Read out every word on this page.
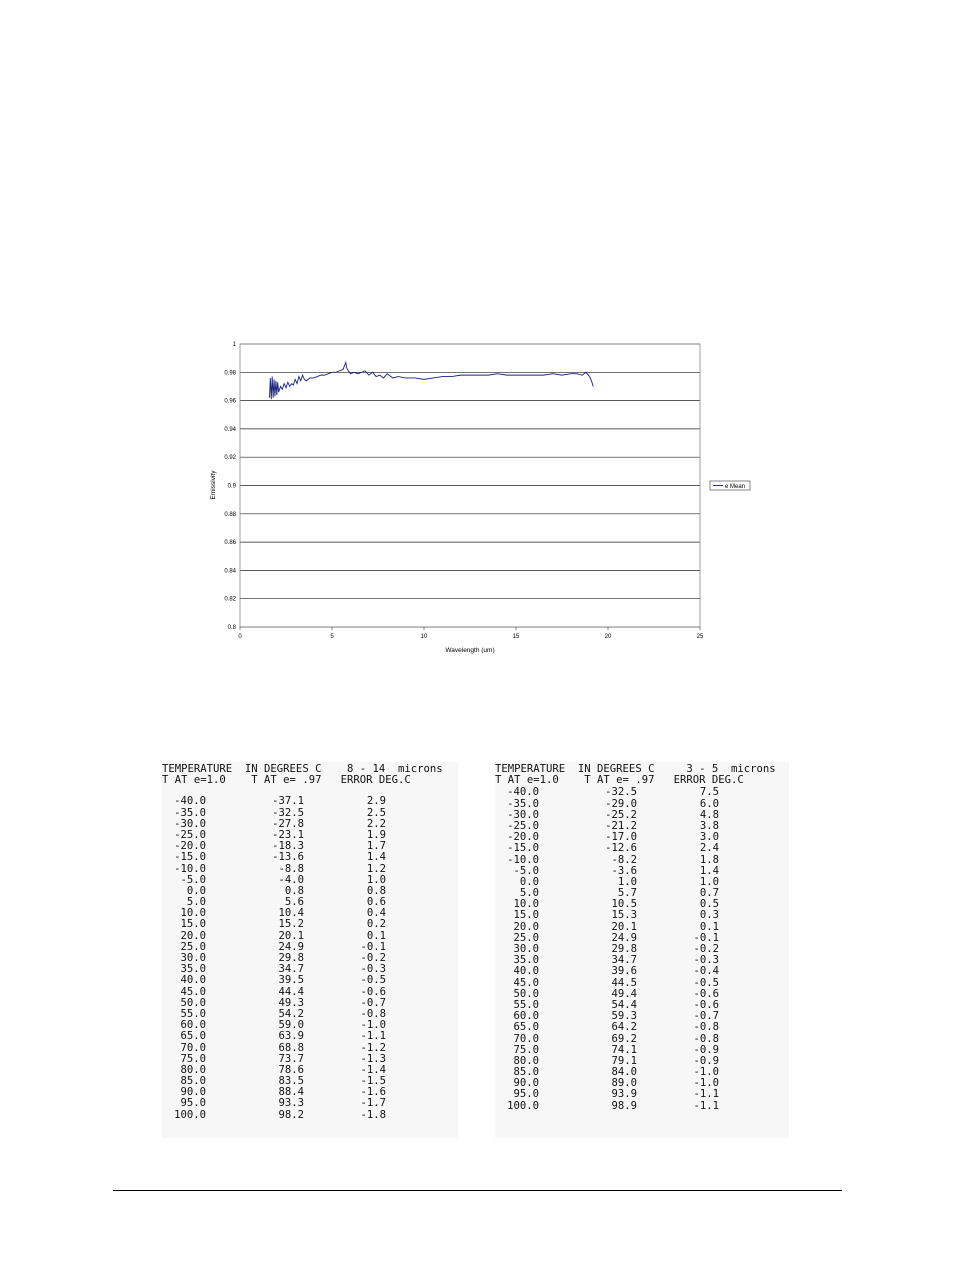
0.8
0.82
0.84
0.86
0.88
0.9
0.92
0.94
0.96
0.98
1
0	5	10	15	20	25
Wavelength (um)
Emissivity	e Mean
TEMPERATURE  IN DEGREES C    8 - 14  microns
T AT e=1.0    T AT e= .97   ERROR DEG.C
-40.0	-37.1	2.9
-35.0	-32.5	2.5
-30.0	-27.8	2.2
-25.0	-23.1	1.9
-20.0	-18.3	1.7
-15.0	-13.6	1.4
-10.0	-8.8	1.2
-5.0	-4.0	1.0
0.0	0.8	0.8
5.0	5.6	0.6
10.0	10.4	0.4
15.0	15.2	0.2
20.0	20.1	0.1
25.0	24.9	-0.1
30.0	29.8	-0.2
35.0	34.7	-0.3
40.0	39.5	-0.5
45.0	44.4	-0.6
50.0	49.3	-0.7
55.0	54.2	-0.8
60.0	59.0	-1.0
65.0	63.9	-1.1
70.0	68.8	-1.2
75.0	73.7	-1.3
80.0	78.6	-1.4
85.0	83.5	-1.5
90.0	88.4	-1.6
95.0	93.3	-1.7
100.0	98.2	-1.8
TEMPERATURE  IN DEGREES C     3 - 5  microns
T AT e=1.0    T AT e= .97   ERROR DEG.C
-40.0	-32.5	7.5
-35.0	-29.0	6.0
-30.0	-25.2	4.8
-25.0	-21.2	3.8
-20.0	-17.0	3.0
-15.0	-12.6	2.4
-10.0	-8.2	1.8
-5.0	-3.6	1.4
0.0	1.0	1.0
5.0	5.7	0.7
10.0	10.5	0.5
15.0	15.3	0.3
20.0	20.1	0.1
25.0	24.9	-0.1
30.0	29.8	-0.2
35.0	34.7	-0.3
40.0	39.6	-0.4
45.0	44.5	-0.5
50.0	49.4	-0.6
55.0	54.4	-0.6
60.0	59.3	-0.7
65.0	64.2	-0.8
70.0	69.2	-0.8
75.0	74.1	-0.9
80.0	79.1	-0.9
85.0	84.0	-1.0
90.0	89.0	-1.0
95.0	93.9	-1.1
100.0	98.9	-1.1
